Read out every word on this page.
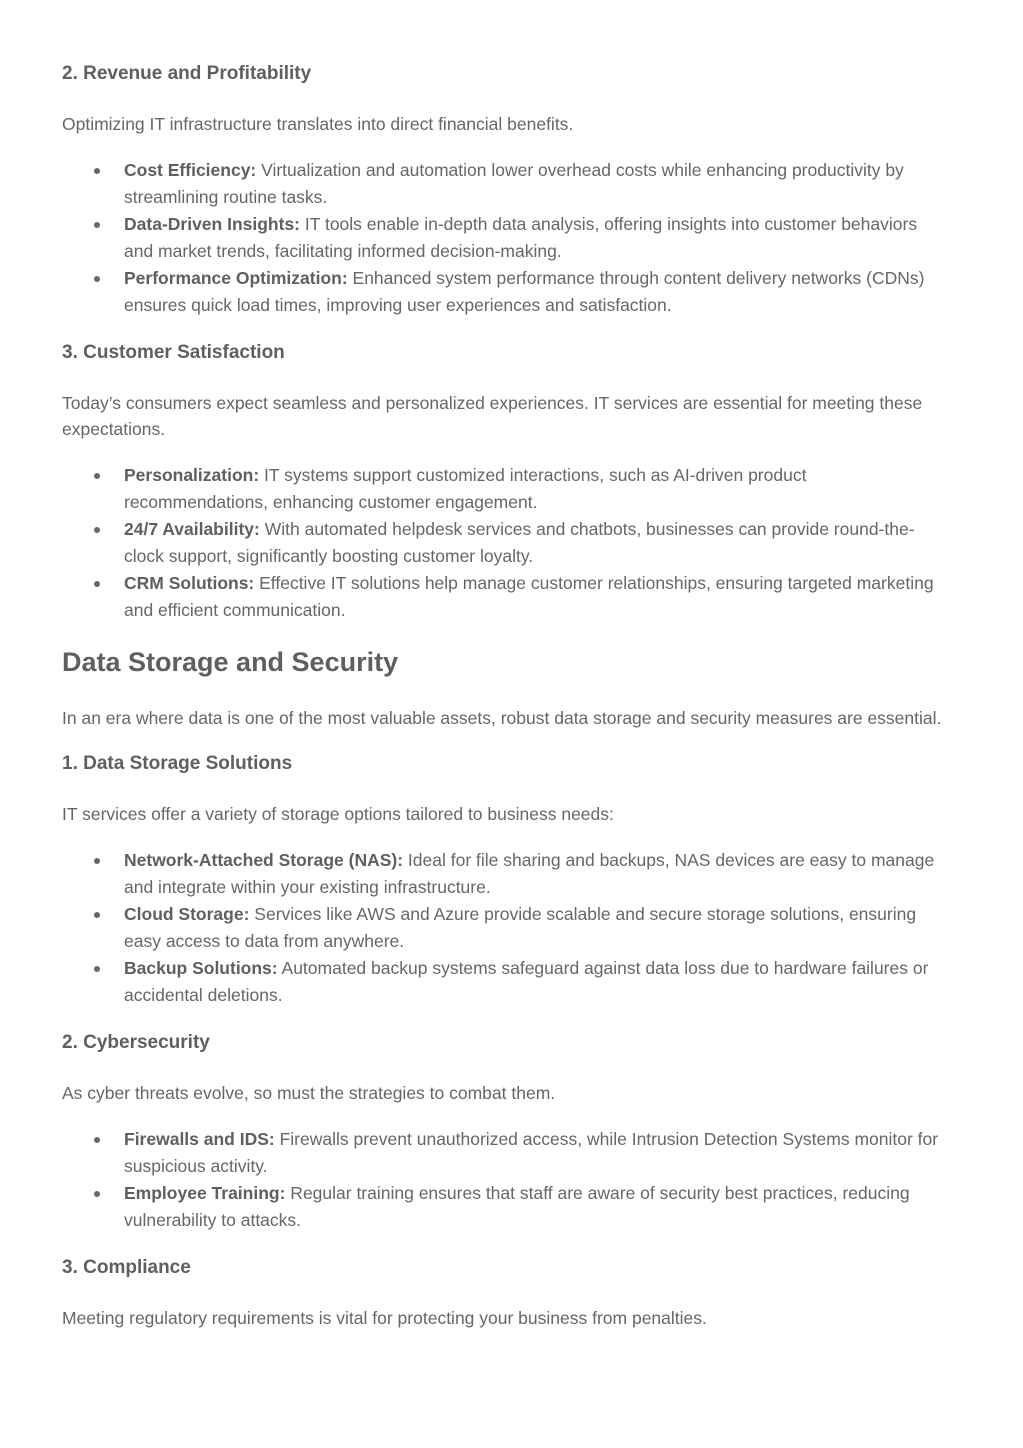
2. Revenue and Profitability

Optimizing IT infrastructure translates into direct financial benefits.

Cost Efficiency: Virtualization and automation lower overhead costs while enhancing productivity by streamlining routine tasks.
Data-Driven Insights: IT tools enable in-depth data analysis, offering insights into customer behaviors and market trends, facilitating informed decision-making.
Performance Optimization: Enhanced system performance through content delivery networks (CDNs) ensures quick load times, improving user experiences and satisfaction.
3. Customer Satisfaction

Today’s consumers expect seamless and personalized experiences. IT services are essential for meeting these expectations.

Personalization: IT systems support customized interactions, such as AI-driven product recommendations, enhancing customer engagement.
24/7 Availability: With automated helpdesk services and chatbots, businesses can provide round-the-clock support, significantly boosting customer loyalty.
CRM Solutions: Effective IT solutions help manage customer relationships, ensuring targeted marketing and efficient communication.
Data Storage and Security

In an era where data is one of the most valuable assets, robust data storage and security measures are essential.

1. Data Storage Solutions

IT services offer a variety of storage options tailored to business needs:

Network-Attached Storage (NAS): Ideal for file sharing and backups, NAS devices are easy to manage and integrate within your existing infrastructure.
Cloud Storage: Services like AWS and Azure provide scalable and secure storage solutions, ensuring easy access to data from anywhere.
Backup Solutions: Automated backup systems safeguard against data loss due to hardware failures or accidental deletions.
2. Cybersecurity

As cyber threats evolve, so must the strategies to combat them.

Firewalls and IDS: Firewalls prevent unauthorized access, while Intrusion Detection Systems monitor for suspicious activity.
Employee Training: Regular training ensures that staff are aware of security best practices, reducing vulnerability to attacks.
3. Compliance

Meeting regulatory requirements is vital for protecting your business from penalties.
